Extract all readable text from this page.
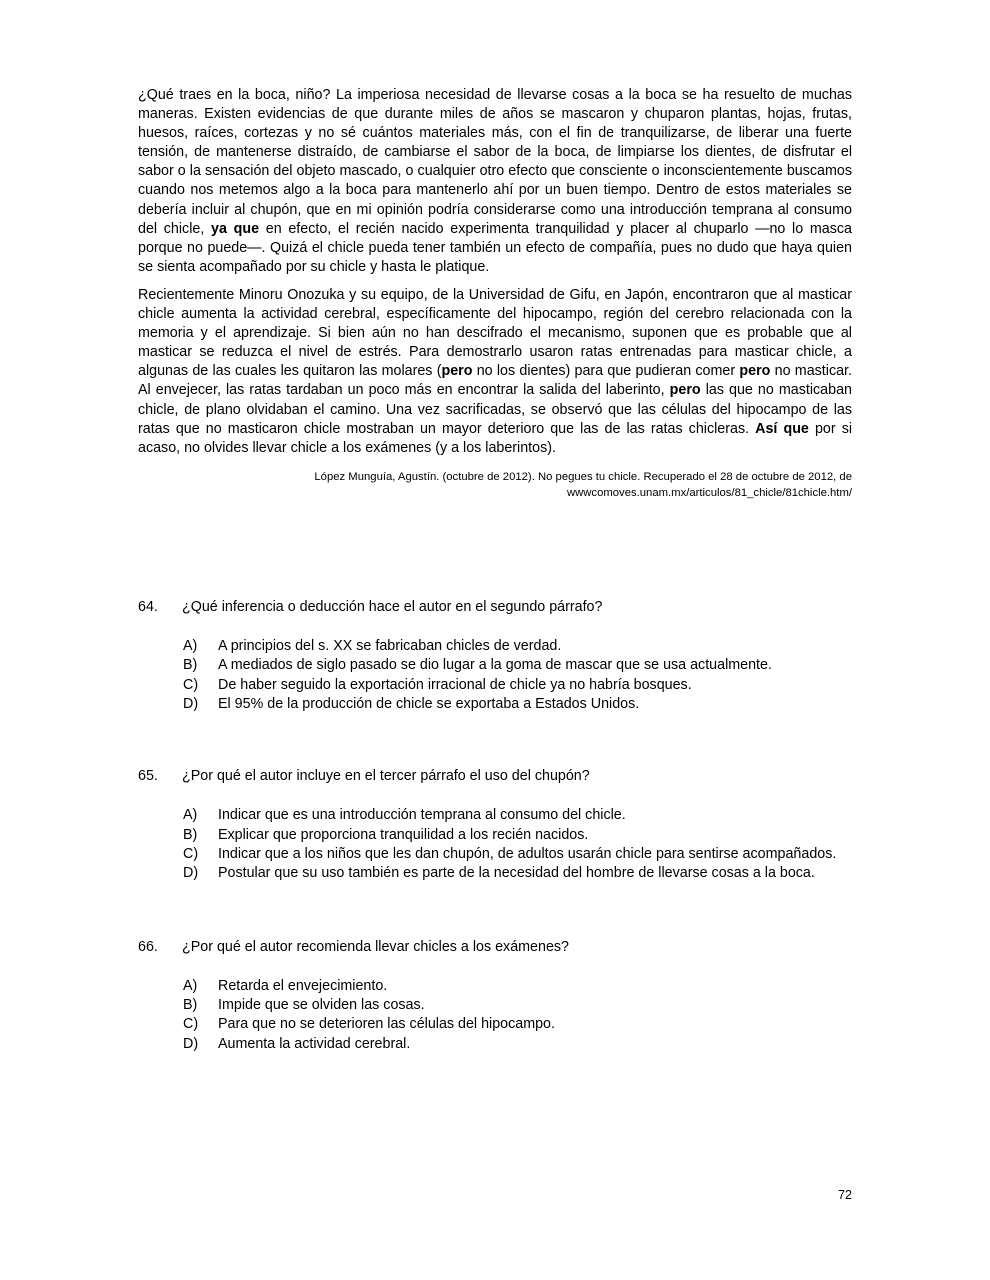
¿Qué traes en la boca, niño? La imperiosa necesidad de llevarse cosas a la boca se ha resuelto de muchas maneras. Existen evidencias de que durante miles de años se mascaron y chuparon plantas, hojas, frutas, huesos, raíces, cortezas y no sé cuántos materiales más, con el fin de tranquilizarse, de liberar una fuerte tensión, de mantenerse distraído, de cambiarse el sabor de la boca, de limpiarse los dientes, de disfrutar el sabor o la sensación del objeto mascado, o cualquier otro efecto que consciente o inconscientemente buscamos cuando nos metemos algo a la boca para mantenerlo ahí por un buen tiempo. Dentro de estos materiales se debería incluir al chupón, que en mi opinión podría considerarse como una introducción temprana al consumo del chicle, ya que en efecto, el recién nacido experimenta tranquilidad y placer al chuparlo —no lo masca porque no puede—. Quizá el chicle pueda tener también un efecto de compañía, pues no dudo que haya quien se sienta acompañado por su chicle y hasta le platique.

Recientemente Minoru Onozuka y su equipo, de la Universidad de Gifu, en Japón, encontraron que al masticar chicle aumenta la actividad cerebral, específicamente del hipocampo, región del cerebro relacionada con la memoria y el aprendizaje. Si bien aún no han descifrado el mecanismo, suponen que es probable que al masticar se reduzca el nivel de estrés. Para demostrarlo usaron ratas entrenadas para masticar chicle, a algunas de las cuales les quitaron las molares (pero no los dientes) para que pudieran comer pero no masticar. Al envejecer, las ratas tardaban un poco más en encontrar la salida del laberinto, pero las que no masticaban chicle, de plano olvidaban el camino. Una vez sacrificadas, se observó que las células del hipocampo de las ratas que no masticaron chicle mostraban un mayor deterioro que las de las ratas chicleras. Así que por si acaso, no olvides llevar chicle a los exámenes (y a los laberintos).

López Munguía, Agustín. (octubre de 2012). No pegues tu chicle. Recuperado el 28 de octubre de 2012, de wwwcomoves.unam.mx/articulos/81_chicle/81chicle.htm/
64.	¿Qué inferencia o deducción hace el autor en el segundo párrafo?
A)	A principios del s. XX se fabricaban chicles de verdad.
B)	A mediados de siglo pasado se dio lugar a la goma de mascar que se usa actualmente.
C)	De haber seguido la exportación irracional de chicle ya no habría bosques.
D)	El 95% de la producción de chicle se exportaba a Estados Unidos.
65.	¿Por qué el autor incluye en el tercer párrafo el uso del chupón?
A)	Indicar que es una introducción temprana al consumo del chicle.
B)	Explicar que proporciona tranquilidad a los recién nacidos.
C)	Indicar que a los niños que les dan chupón, de adultos usarán chicle para sentirse acompañados.
D)	Postular que su uso también es parte de la necesidad del hombre de llevarse cosas a la boca.
66.	¿Por qué el autor recomienda llevar chicles a los exámenes?
A)	Retarda el envejecimiento.
B)	Impide que se olviden las cosas.
C)	Para que no se deterioren las células del hipocampo.
D)	Aumenta la actividad cerebral.
72
